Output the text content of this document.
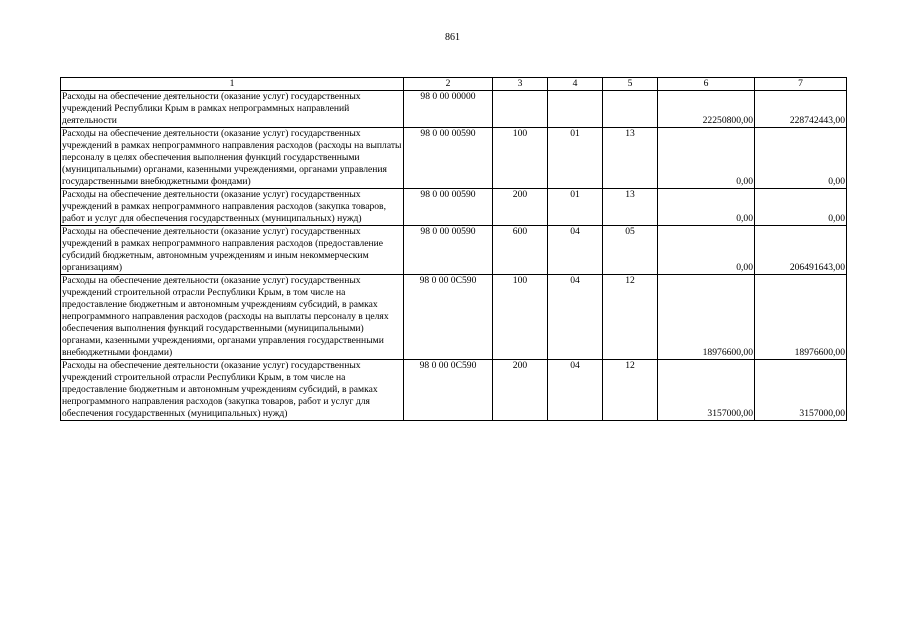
861
1	2	3	4	5	6	7
Расходы на обеспечение деятельности (оказание услуг) государственных учреждений Республики Крым в рамках непрограммных направлений деятельности	98 0 00 00000				22250800,00	228742443,00
Расходы на обеспечение деятельности (оказание услуг) государственных учреждений в рамках непрограммного направления расходов (расходы на выплаты персоналу в целях обеспечения выполнения функций государственными (муниципальными) органами, казенными учреждениями, органами управления государственными внебюджетными фондами)	98 0 00 00590	100	01	13	0,00	0,00
Расходы на обеспечение деятельности (оказание услуг) государственных учреждений в рамках непрограммного направления расходов (закупка товаров, работ и услуг для обеспечения государственных (муниципальных) нужд)	98 0 00 00590	200	01	13	0,00	0,00
Расходы на обеспечение деятельности (оказание услуг) государственных учреждений в рамках непрограммного направления расходов (предоставление субсидий бюджетным, автономным учреждениям и иным некоммерческим организациям)	98 0 00 00590	600	04	05	0,00	206491643,00
Расходы на обеспечение деятельности (оказание услуг) государственных учреждений строительной отрасли Республики Крым, в том числе на предоставление бюджетным и автономным учреждениям субсидий, в рамках непрограммного направления расходов (расходы на выплаты персоналу в целях обеспечения выполнения функций государственными (муниципальными) органами, казенными учреждениями, органами управления государственными внебюджетными фондами)	98 0 00 0С590	100	04	12	18976600,00	18976600,00
Расходы на обеспечение деятельности (оказание услуг) государственных учреждений строительной отрасли Республики Крым, в том числе на предоставление бюджетным и автономным учреждениям субсидий, в рамках непрограммного направления расходов (закупка товаров, работ и услуг для обеспечения государственных (муниципальных) нужд)	98 0 00 0С590	200	04	12	3157000,00	3157000,00
